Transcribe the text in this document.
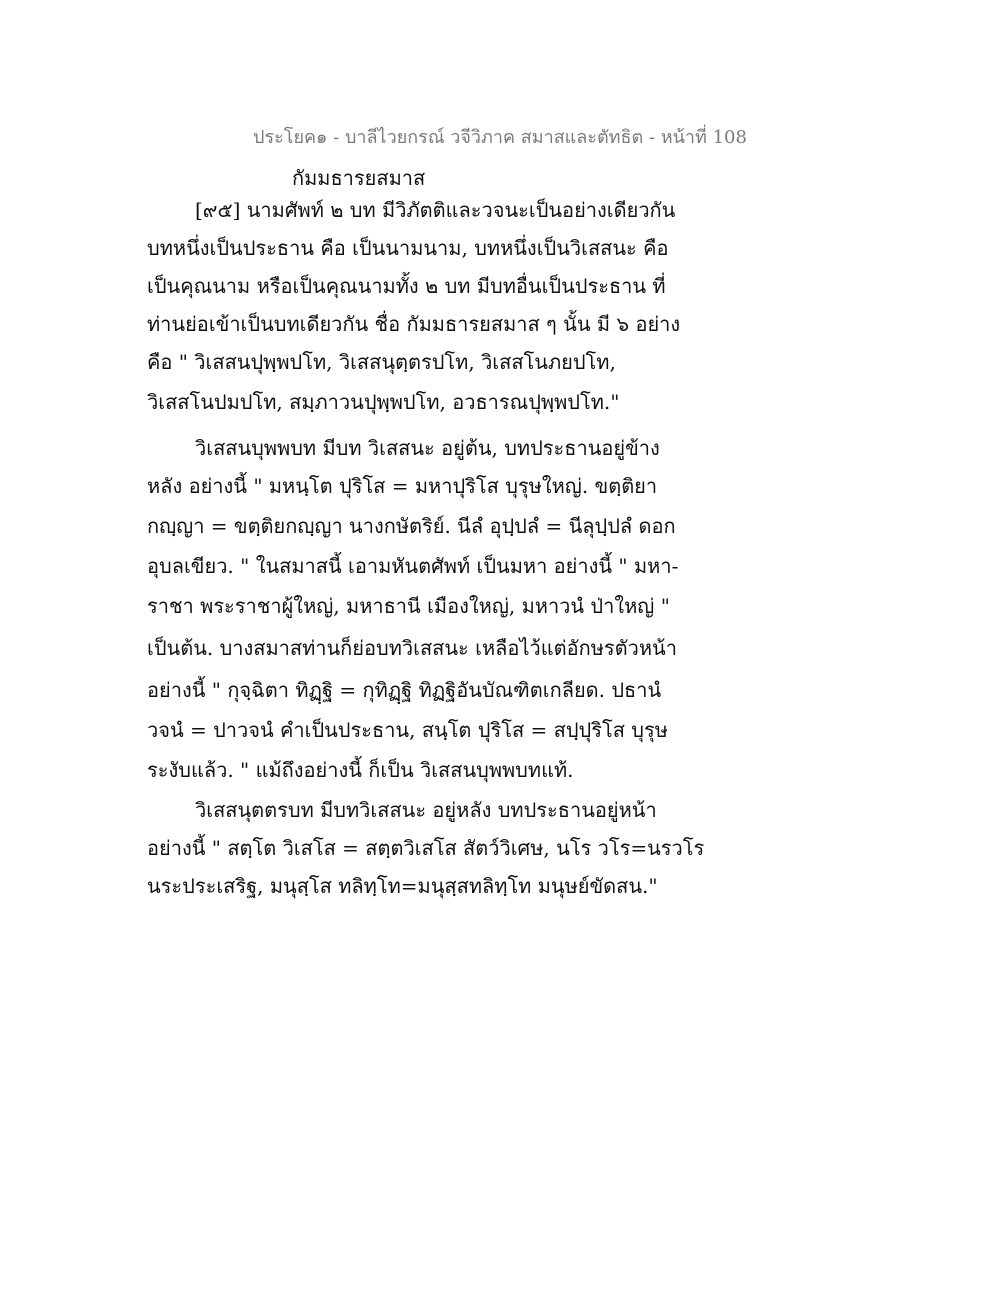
ประโยค๑ - บาลีไวยกรณ์ วจีวิภาค สมาสและตัทธิต - หน้าที่ 108
กัมมธารยสมาส
[๙๕] นามศัพท์ ๒ บท มีวิภัตติและวจนะเป็นอย่างเดียวกัน
บทหนึ่งเป็นประธาน คือ เป็นนามนาม, บทหนึ่งเป็นวิเสสนะ คือ
เป็นคุณนาม หรือเป็นคุณนามทั้ง ๒ บท มีบทอื่นเป็นประธาน ที่
ท่านย่อเข้าเป็นบทเดียวกัน ชื่อ กัมมธารยสมาส ๆ นั้น มี ๖ อย่าง
คือ " วิเสสนปุพฺพปโท, วิเสสนุตฺตรปโท, วิเสสโนภยปโท,
วิเสสโนปมปโท, สมฺภาวนปุพฺพปโท, อวธารณปุพฺพปโท."
วิเสสนบุพพบท มีบท วิเสสนะ อยู่ต้น, บทประธานอยู่ข้าง
หลัง อย่างนี้ " มหนฺโต ปุริโส = มหาปุริโส บุรุษใหญ่. ขตฺติยา
กญฺญา = ขตฺติยกญฺญา นางกษัตริย์. นีลํ อุปฺปลํ = นีลุปฺปลํ ดอก
อุบลเขียว. " ในสมาสนี้ เอามหันตศัพท์ เป็นมหา อย่างนี้ " มหา-
ราชา พระราชาผู้ใหญ่, มหาธานี เมืองใหญ่, มหาวนํ ป่าใหญ่ "
เป็นต้น. บางสมาสท่านก็ย่อบทวิเสสนะ เหลือไว้แต่อักษรตัวหน้า
อย่างนี้ " กุจฺฉิตา ทิฏฺฐิ = กุทิฏฺฐิ ทิฏฐิอันบัณฑิตเกลียด. ปธานํ
วจนํ = ปาวจนํ คำเป็นประธาน, สนฺโต ปุริโส = สปฺปุริโส บุรุษ
ระงับแล้ว. " แม้ถึงอย่างนี้ ก็เป็น วิเสสนบุพพบทแท้.
วิเสสนุตตรบท มีบทวิเสสนะ อยู่หลัง บทประธานอยู่หน้า
อย่างนี้ " สตฺโต วิเสโส = สตฺตวิเสโส สัตว์วิเศษ, นโร วโร=นรวโร
นระประเสริฐ, มนุสฺโส ทลิทฺโท=มนุสฺสทลิทฺโท มนุษย์ขัดสน."
